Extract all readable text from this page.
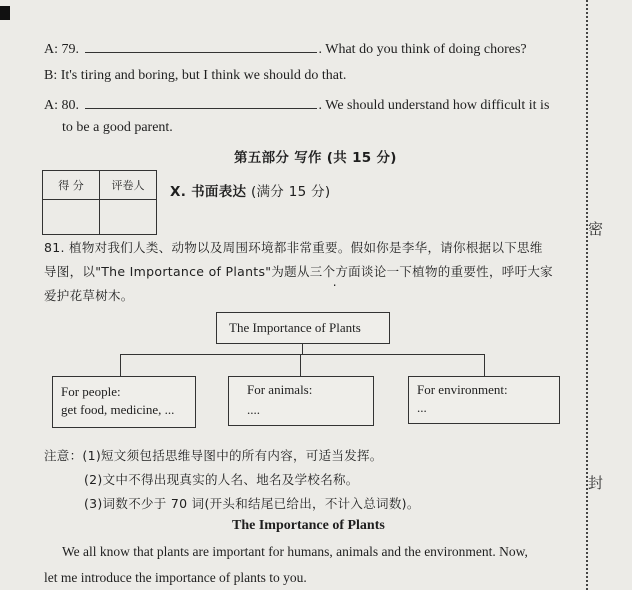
密
封
A: 79.	. What do you think of doing chores?
B: It's tiring and boring, but I think we should do that.
A: 80.	. We should understand how difficult it is
to be a good parent.
第五部分 写作 (共 15 分)
得 分	评卷人
	X. 书面表达 (满分 15 分)
81. 植物对我们人类、动物以及周围环境都非常重要。假如你是李华，请你根据以下思维
导图，以"The Importance of Plants"为题从三个方面谈论一下植物的重要性，呼吁大家
爱护花草树木。
The Importance of Plants
For people:
get food, medicine, ...
For animals:
....
For environment:
...
注意：(1)短文须包括思维导图中的所有内容，可适当发挥。
(2)文中不得出现真实的人名、地名及学校名称。
(3)词数不少于 70 词(开头和结尾已给出，不计入总词数)。
The Importance of Plants
We all know that plants are important for humans, animals and the environment. Now,
let me introduce the importance of plants to you.
